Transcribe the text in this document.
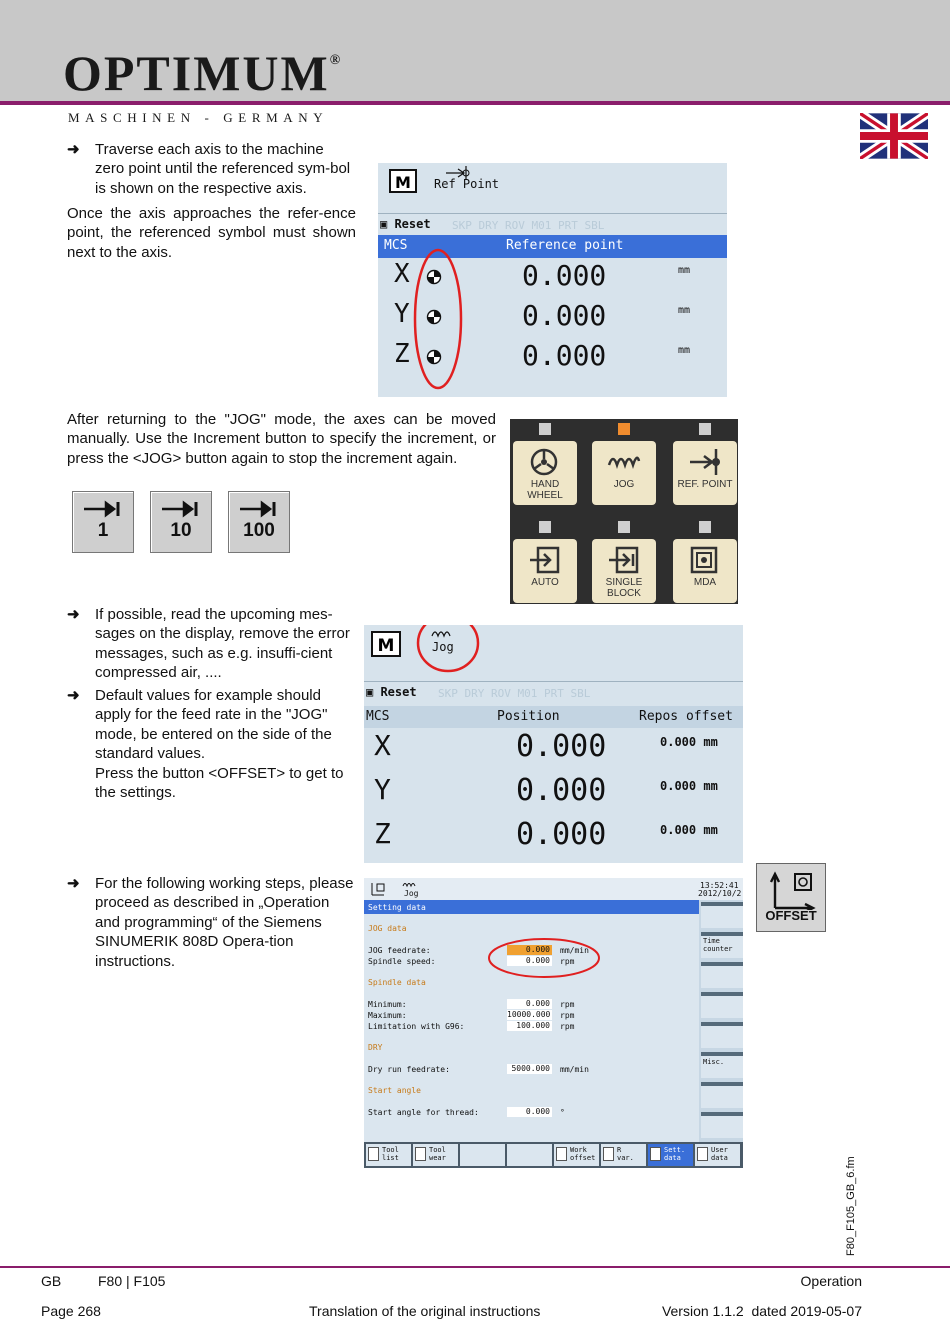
OPTIMUM®
MASCHINEN - GERMANY
➜ Traverse each axis to the machine zero point until the referenced sym-bol is shown on the respective axis.
Once the axis approaches the refer-ence point, the referenced symbol must shown next to the axis.
M Ref Point
▣ Reset SKP DRY ROV M01 PRT SBL
MCS	Reference point
X	0.000	mm
Y	0.000	mm
Z	0.000	mm
After returning to the "JOG" mode, the axes can be moved manually. Use the Increment button to specify the increment, or press the <JOG> button again to stop the increment again.
1	10	100
HAND WHEEL
JOG	REF. POINT
AUTO	SINGLE BLOCK
MDA
➜ If possible, read the upcoming mes-sages on the display, remove the error messages, such as e.g. insuffi-cient compressed air, ....
➜ Default values for example should apply for the feed rate in the "JOG" mode, be entered on the side of the standard values.
Press the button <OFFSET> to get to the settings.
M	Jog
▣ Reset SKP DRY ROV M01 PRT SBL
MCS	Position	Repos offset
X	0.000	0.000 mm
Y	0.000	0.000 mm
Z	0.000	0.000 mm
➜ For the following working steps, please proceed as described in „Operation and programming“ of the Siemens SINUMERIK 808D Opera-tion instructions.
OFFSET
Jog
13:52:41
2012/10/2
Setting data
JOG data
JOG feedrate:	0.000 mm/min
Spindle speed:	0.000 rpm
Spindle data
Minimum:	0.000 rpm
Maximum:	10000.000 rpm
Limitation with G96:	100.000 rpm
DRY
Dry run feedrate:	5000.000 mm/min
Start angle
Start angle for thread:	0.000 °
Time counter
Misc.
Tool
list
Tool
wear
Work
offset
R
var.
Sett.
data
User
data	F80_F105_GB_6.fm
GB	F80 | F105	Operation
Page 268	Translation of the original instructions	Version 1.1.2  dated 2019-05-07
